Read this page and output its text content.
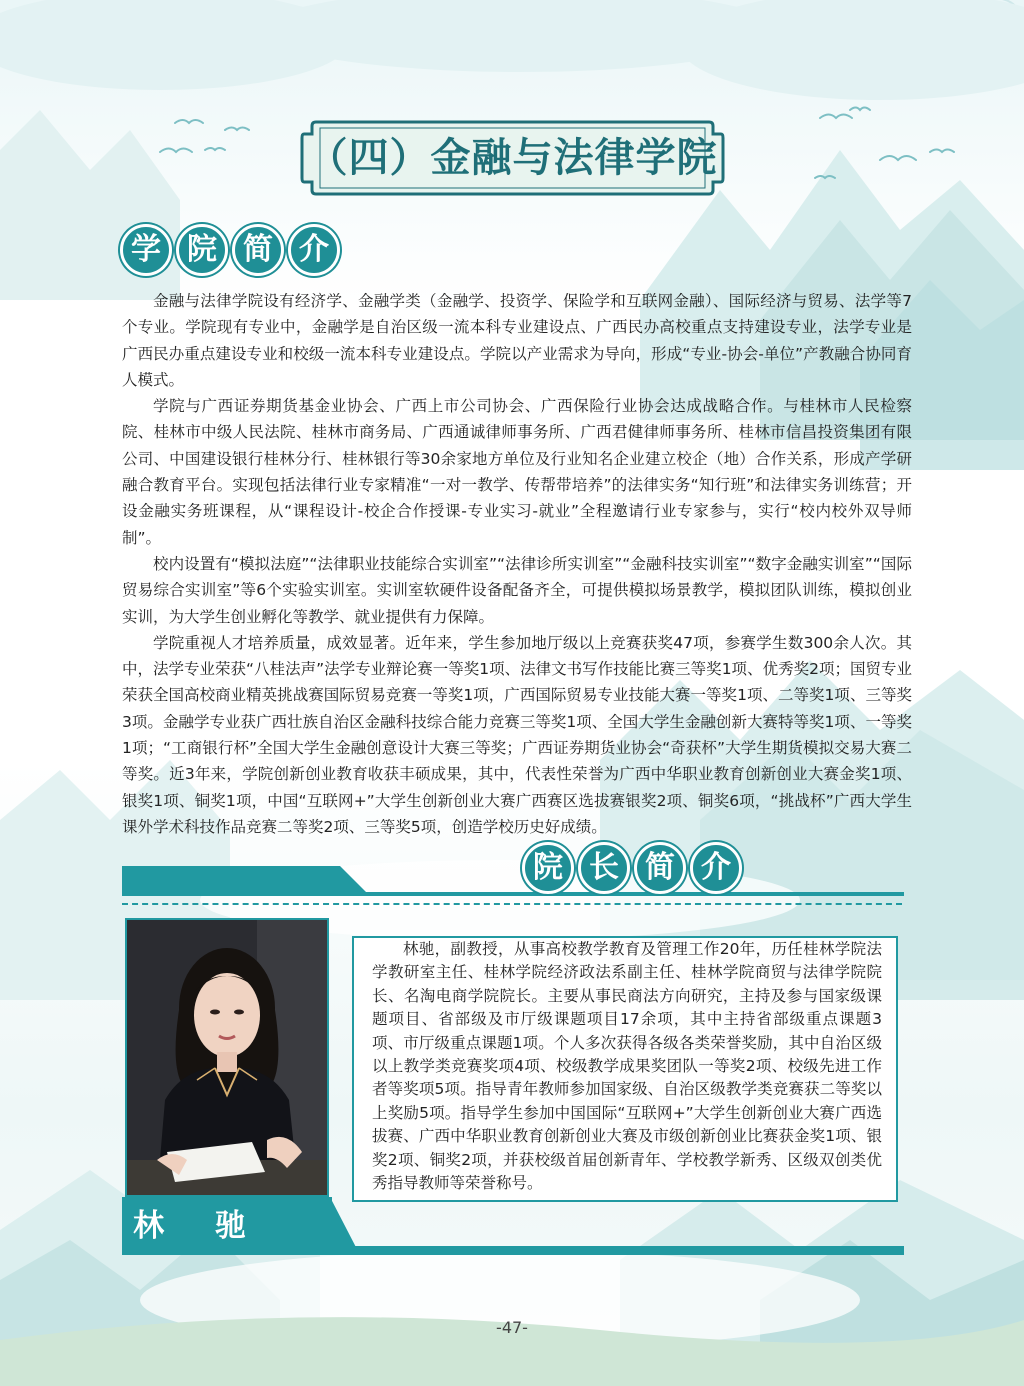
（四）金融与法律学院
学 院 简 介

金融与法律学院设有经济学、金融学类（金融学、投资学、保险学和互联网金融）、国际经济与贸易、法学等7个专业。学院现有专业中，金融学是自治区级一流本科专业建设点、广西民办高校重点支持建设专业，法学专业是广西民办重点建设专业和校级一流本科专业建设点。学院以产业需求为导向，形成“专业-协会-单位”产教融合协同育人模式。

学院与广西证券期货基金业协会、广西上市公司协会、广西保险行业协会达成战略合作。与桂林市人民检察院、桂林市中级人民法院、桂林市商务局、广西通诚律师事务所、广西君健律师事务所、桂林市信昌投资集团有限公司、中国建设银行桂林分行、桂林银行等30余家地方单位及行业知名企业建立校企（地）合作关系，形成产学研融合教育平台。实现包括法律行业专家精准“一对一教学、传帮带培养”的法律实务“知行班”和法律实务训练营；开设金融实务班课程，从“课程设计-校企合作授课-专业实习-就业”全程邀请行业专家参与，实行“校内校外双导师制”。

校内设置有“模拟法庭”“法律职业技能综合实训室”“法律诊所实训室”“金融科技实训室”“数字金融实训室”“国际贸易综合实训室”等6个实验实训室。实训室软硬件设备配备齐全，可提供模拟场景教学，模拟团队训练，模拟创业实训，为大学生创业孵化等教学、就业提供有力保障。

学院重视人才培养质量，成效显著。近年来，学生参加地厅级以上竞赛获奖47项，参赛学生数300余人次。其中，法学专业荣获“八桂法声”法学专业辩论赛一等奖1项、法律文书写作技能比赛三等奖1项、优秀奖2项；国贸专业荣获全国高校商业精英挑战赛国际贸易竞赛一等奖1项，广西国际贸易专业技能大赛一等奖1项、二等奖1项、三等奖3项。金融学专业获广西壮族自治区金融科技综合能力竞赛三等奖1项、全国大学生金融创新大赛特等奖1项、一等奖1项；“工商银行杯”全国大学生金融创意设计大赛三等奖；广西证券期货业协会“奇获杯”大学生期货模拟交易大赛二等奖。近3年来，学院创新创业教育收获丰硕成果，其中，代表性荣誉为广西中华职业教育创新创业大赛金奖1项、银奖1项、铜奖1项，中国“互联网+”大学生创新创业大赛广西赛区选拔赛银奖2项、铜奖6项，“挑战杯”广西大学生课外学术科技作品竞赛二等奖2项、三等奖5项，创造学校历史好成绩。

院 长 简 介
林 驰

林驰，副教授，从事高校教学教育及管理工作20年，历任桂林学院法学教研室主任、桂林学院经济政法系副主任、桂林学院商贸与法律学院院长、名淘电商学院院长。主要从事民商法方向研究，主持及参与国家级课题项目、省部级及市厅级课题项目17余项，其中主持省部级重点课题3项、市厅级重点课题1项。个人多次获得各级各类荣誉奖励，其中自治区级以上教学类竞赛奖项4项、校级教学成果奖团队一等奖2项、校级先进工作者等奖项5项。指导青年教师参加国家级、自治区级教学类竞赛获二等奖以上奖励5项。指导学生参加中国国际“互联网+”大学生创新创业大赛广西选拔赛、广西中华职业教育创新创业大赛及市级创新创业比赛获金奖1项、银奖2项、铜奖2项，并获校级首届创新青年、学校教学新秀、区级双创类优秀指导教师等荣誉称号。

-47-
